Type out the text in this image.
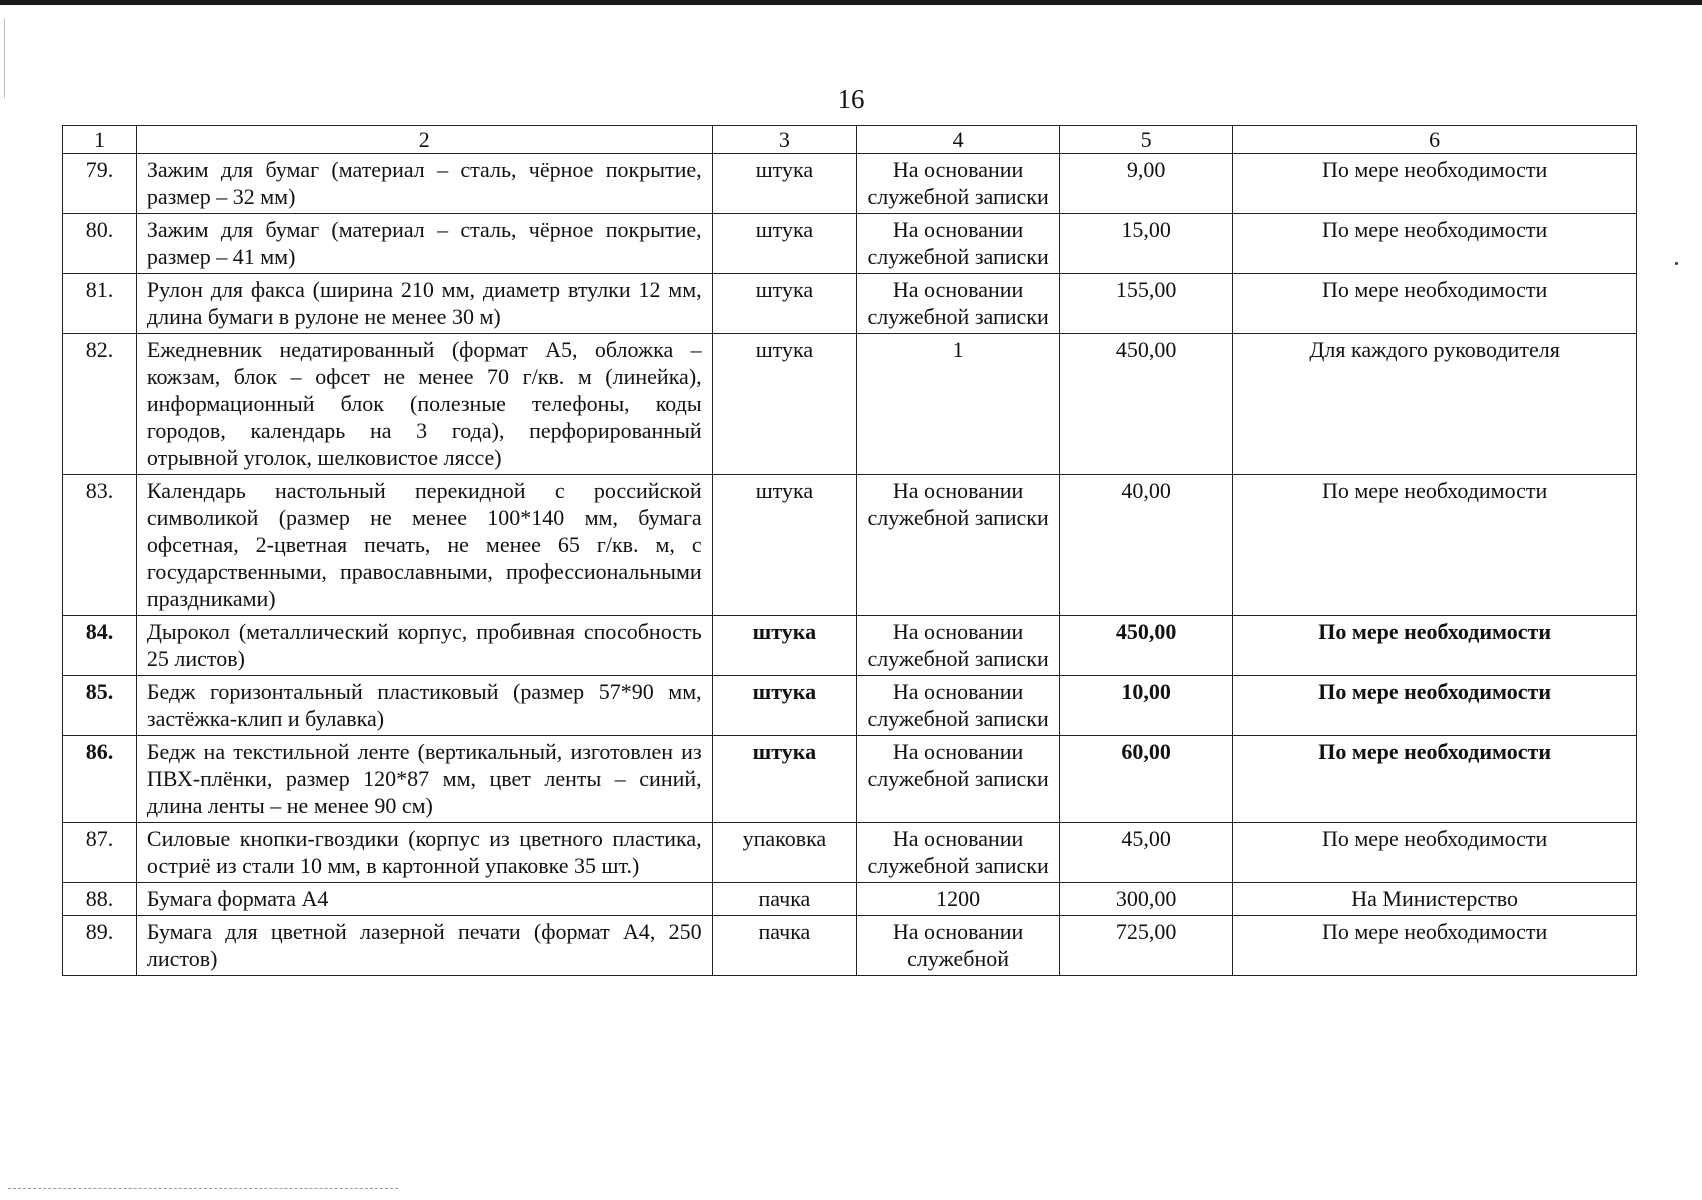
16
1	2	3	4	5	6
79.	Зажим для бумаг (материал – сталь, чёрное покрытие, размер – 32 мм)	штука	На основании служебной записки	9,00	По мере необходимости
80.	Зажим для бумаг (материал – сталь, чёрное покрытие, размер – 41 мм)	штука	На основании служебной записки	15,00	По мере необходимости
81.	Рулон для факса (ширина 210 мм, диаметр втулки 12 мм, длина бумаги в рулоне не менее 30 м)	штука	На основании служебной записки	155,00	По мере необходимости
82.	Ежедневник недатированный (формат А5, обложка – кожзам, блок – офсет не менее 70 г/кв. м (линейка), информационный блок (полезные телефоны, коды городов, календарь на 3 года), перфорированный отрывной уголок, шелковистое ляссе)	штука	1	450,00	Для каждого руководителя
83.	Календарь настольный перекидной с российской символикой (размер не менее 100*140 мм, бумага офсетная, 2-цветная печать, не менее 65 г/кв. м, с государственными, православными, профессиональными праздниками)	штука	На основании служебной записки	40,00	По мере необходимости
84.	Дырокол (металлический корпус, пробивная способность 25 листов)	штука	На основании служебной записки	450,00	По мере необходимости
85.	Бедж горизонтальный пластиковый (размер 57*90 мм, застёжка-клип и булавка)	штука	На основании служебной записки	10,00	По мере необходимости
86.	Бедж на текстильной ленте (вертикальный, изготовлен из ПВХ-плёнки, размер 120*87 мм, цвет ленты – синий, длина ленты – не менее 90 см)	штука	На основании служебной записки	60,00	По мере необходимости
87.	Силовые кнопки-гвоздики (корпус из цветного пластика, остриё из стали 10 мм, в картонной упаковке 35 шт.)	упаковка	На основании служебной записки	45,00	По мере необходимости
88.	Бумага формата А4	пачка	1200	300,00	На Министерство
89.	Бумага для цветной лазерной печати (формат А4, 250 листов)	пачка	На основании служебной	725,00	По мере необходимости
